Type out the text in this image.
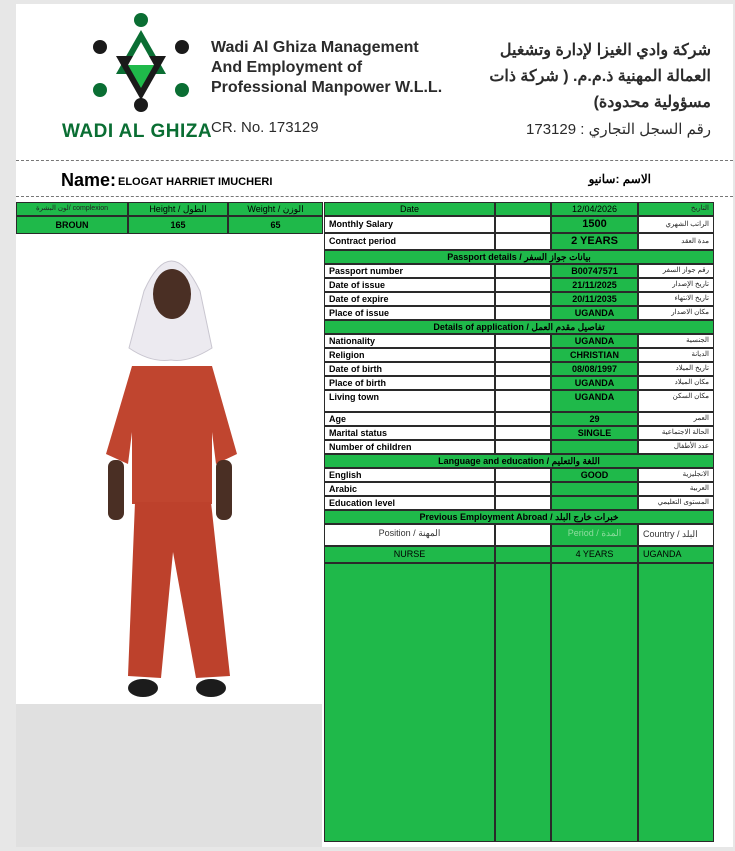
WADI AL GHIZA
Wadi Al Ghiza Management And Employment of Professional Manpower W.L.L.
CR. No. 173129
شركة وادي الغيزا لإدارة وتشغيل العمالة المهنية ذ.م.م. ( شركة ذات مسؤولية محدودة)
رقم السجل التجاري : 173129
Name: ELOGAT HARRIET IMUCHERI	الاسم :سانيو
لون البشرة/ complexion	Height / الطول	Weight / الوزن
BROUN	165	65
Date	12/04/2026	التاريخ
Monthly Salary	1500	الراتب الشهري
Contract period	2 YEARS	مدة العقد
Passport details / بيانات جواز السفر
Passport number	B00747571	رقم جواز السفر
Date of issue	21/11/2025	تاريخ الإصدار
Date of expire	20/11/2035	تاريخ الانتهاء
Place of issue	UGANDA	مكان الاصدار
Details of application / تفاصيل مقدم العمل
Nationality	UGANDA	الجنسية
Religion	CHRISTIAN	الديانة
Date of birth	08/08/1997	تاريخ الميلاد
Place of birth	UGANDA	مكان الميلاد
Living town	UGANDA	مكان السكن
Age	29	العمر
Marital status	SINGLE	الحالة الاجتماعية
Number of children	عدد الأطفال
Language and education / اللغة والتعليم
English	GOOD	الانجليزية
Arabic	العربية
Education level	المستوى التعليمي
Previous Employment Abroad / خبرات خارج البلد
Position / المهنة	Period / المدة	Country / البلد
NURSE	4 YEARS	UGANDA
